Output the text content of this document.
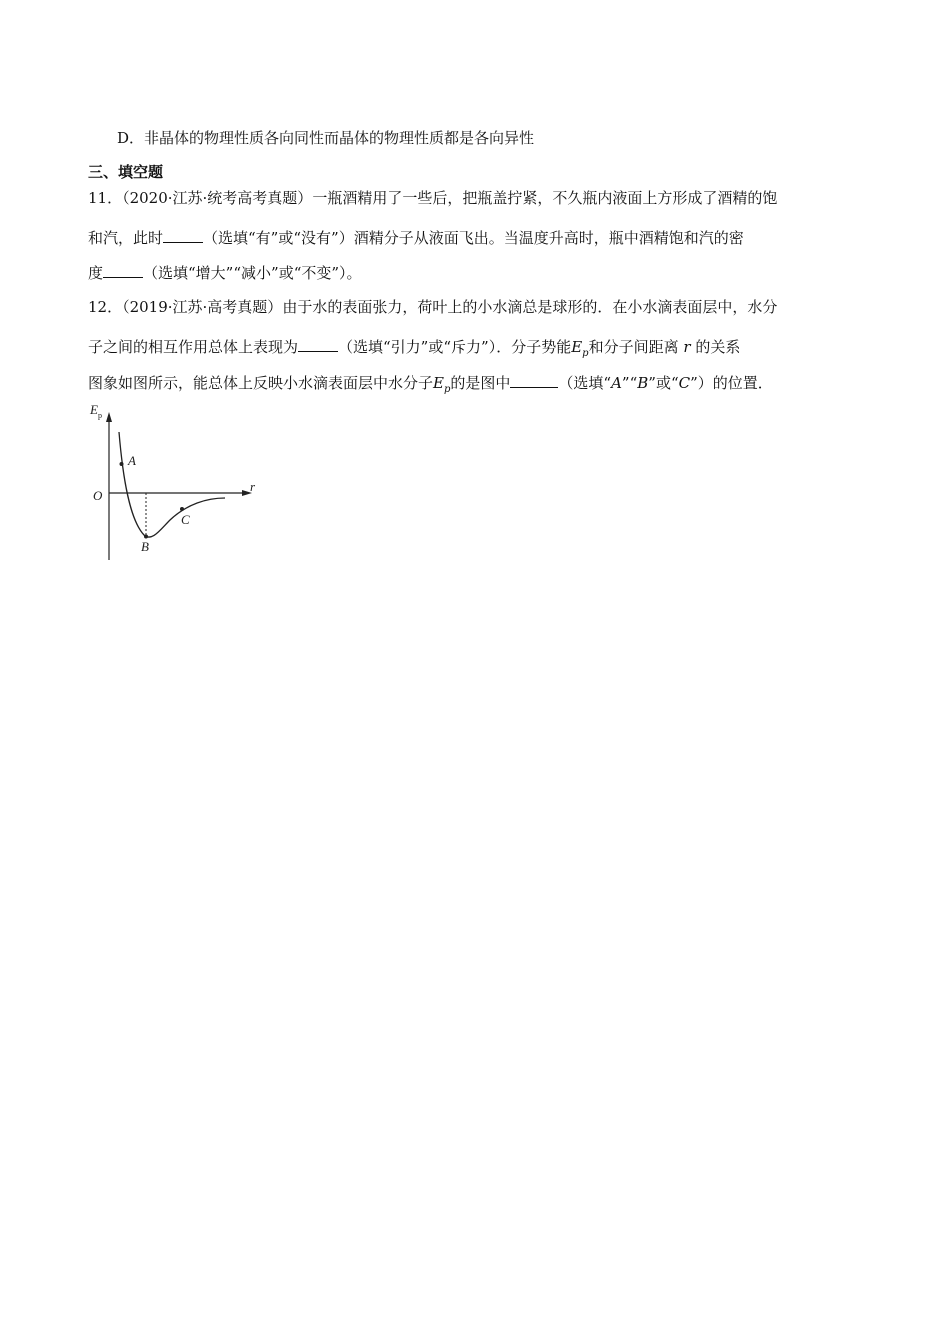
D．非晶体的物理性质各向同性而晶体的物理性质都是各向异性
三、填空题
11．（2020·江苏·统考高考真题）一瓶酒精用了一些后，把瓶盖拧紧，不久瓶内液面上方形成了酒精的饱
和汽，此时	（选填“有”或“没有”）酒精分子从液面飞出。当温度升高时，瓶中酒精饱和汽的密
度	（选填“增大”“减小”或“不变”）。
12．（2019·江苏·高考真题）由于水的表面张力，荷叶上的小水滴总是球形的．在小水滴表面层中，水分
子之间的相互作用总体上表现为	（选填“引力”或“斥力”）．分子势能$E_p$和分子间距离 r 的关系
图象如图所示，能总体上反映小水滴表面层中水分子$E_p$的是图中	（选填“A”“B”或“C”）的位置．
E p
r
O
A
B
C
